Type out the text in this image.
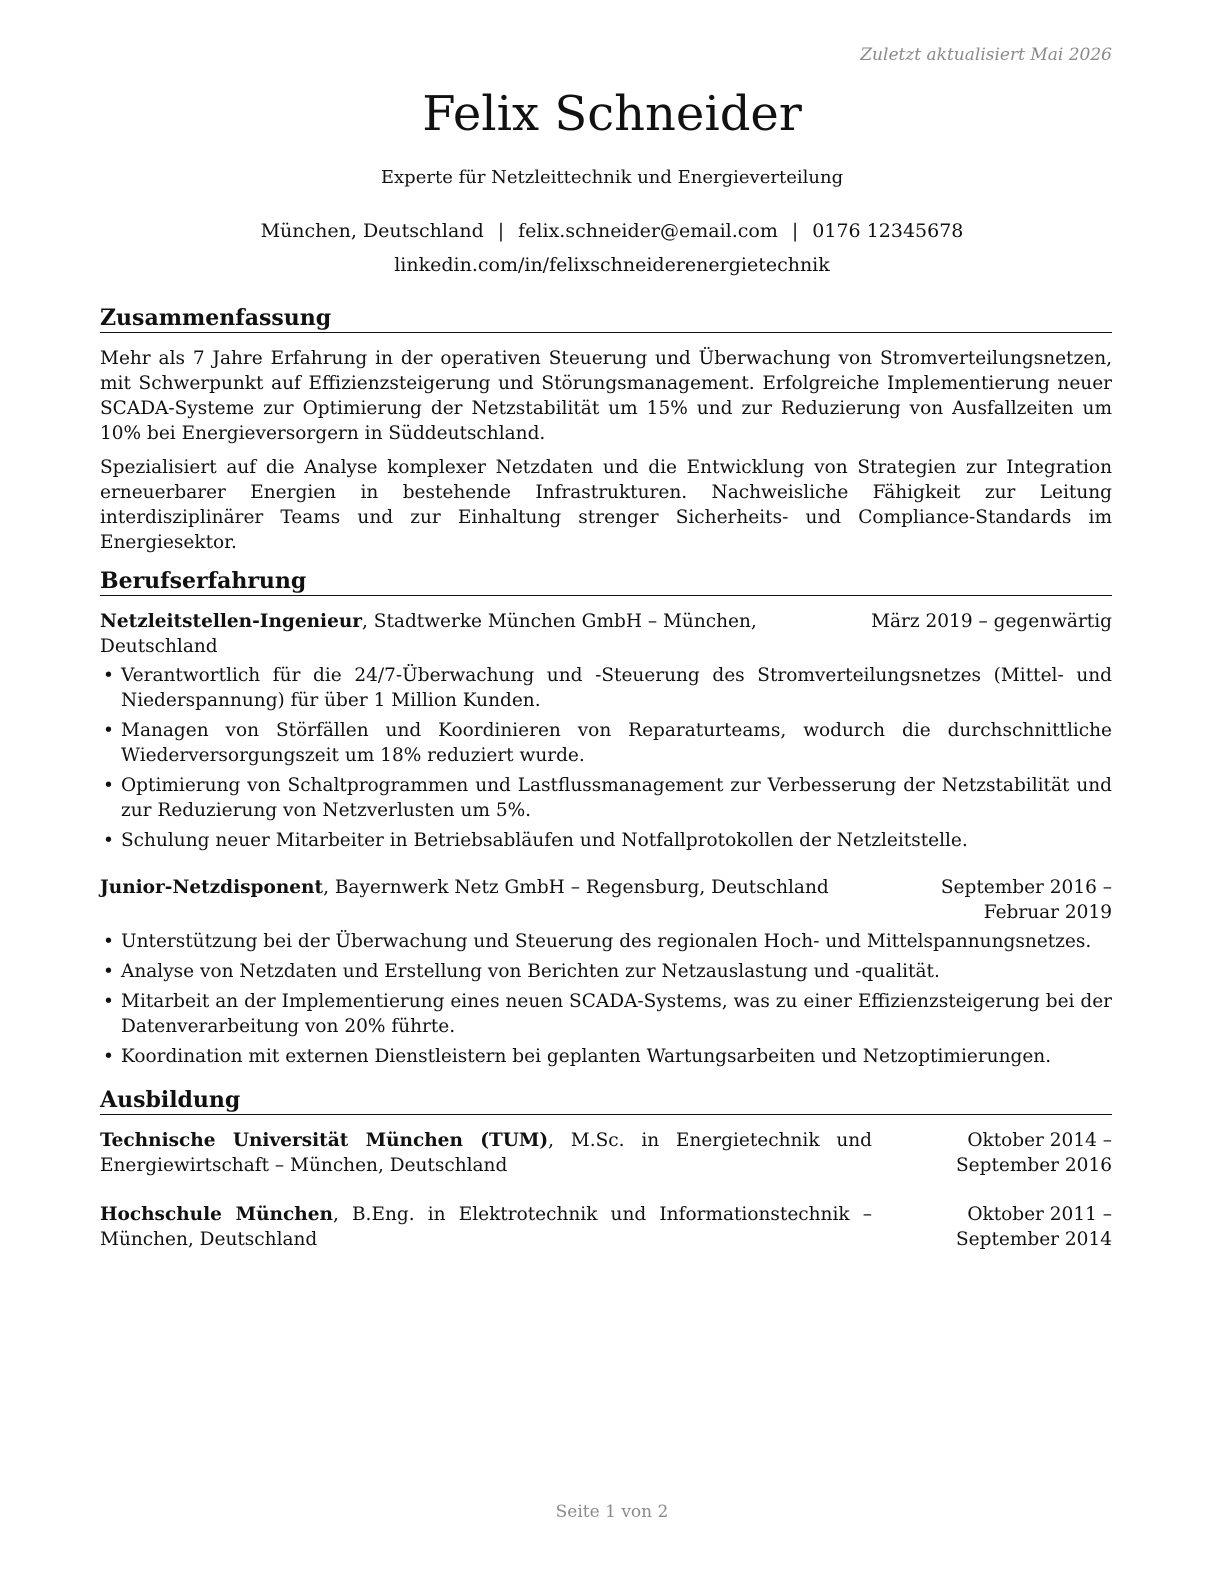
Zuletzt aktualisiert Mai 2026
Felix Schneider
Experte für Netzleittechnik und Energieverteilung
München, Deutschland | felix.schneider@email.com | 0176 12345678
linkedin.com/in/felixschneiderenergietechnik
Zusammenfassung

Mehr als 7 Jahre Erfahrung in der operativen Steuerung und Überwachung von Stromverteilungsnetzen, mit Schwerpunkt auf Effizienzsteigerung und Störungsmanagement. Erfolgreiche Implementierung neuer SCADA-Systeme zur Optimierung der Netzstabilität um 15% und zur Reduzierung von Ausfallzeiten um 10% bei Energieversorgern in Süddeutschland.

Spezialisiert auf die Analyse komplexer Netzdaten und die Entwicklung von Strategien zur Integration erneuerbarer Energien in bestehende Infrastrukturen. Nachweisliche Fähigkeit zur Leitung interdisziplinärer Teams und zur Einhaltung strenger Sicherheits- und Compliance-Standards im Energiesektor.

Berufserfahrung
Netzleitstellen-Ingenieur, Stadtwerke München GmbH – München, Deutschland
März 2019 – gegenwärtig
• Verantwortlich für die 24/7-Überwachung und -Steuerung des Stromverteilungsnetzes (Mittel- und Niederspannung) für über 1 Million Kunden.
• Managen von Störfällen und Koordinieren von Reparaturteams, wodurch die durchschnittliche Wiederversorgungszeit um 18% reduziert wurde.
• Optimierung von Schaltprogrammen und Lastflussmanagement zur Verbesserung der Netzstabilität und zur Reduzierung von Netzverlusten um 5%.
• Schulung neuer Mitarbeiter in Betriebsabläufen und Notfallprotokollen der Netzleitstelle.
Junior-Netzdisponent, Bayernwerk Netz GmbH – Regensburg, Deutschland	September 2016 – Februar 2019
• Unterstützung bei der Überwachung und Steuerung des regionalen Hoch- und Mittelspannungsnetzes.
• Analyse von Netzdaten und Erstellung von Berichten zur Netzauslastung und -qualität.
• Mitarbeit an der Implementierung eines neuen SCADA-Systems, was zu einer Effizienzsteigerung bei der Datenverarbeitung von 20% führte.
• Koordination mit externen Dienstleistern bei geplanten Wartungsarbeiten und Netzoptimierungen.
Ausbildung
Technische Universität München (TUM), M.Sc. in Energietechnik und Energiewirtschaft – München, Deutschland
Oktober 2014 – September 2016
Hochschule München, B.Eng. in Elektrotechnik und Informationstechnik – München, Deutschland
Oktober 2011 – September 2014
Seite 1 von 2
